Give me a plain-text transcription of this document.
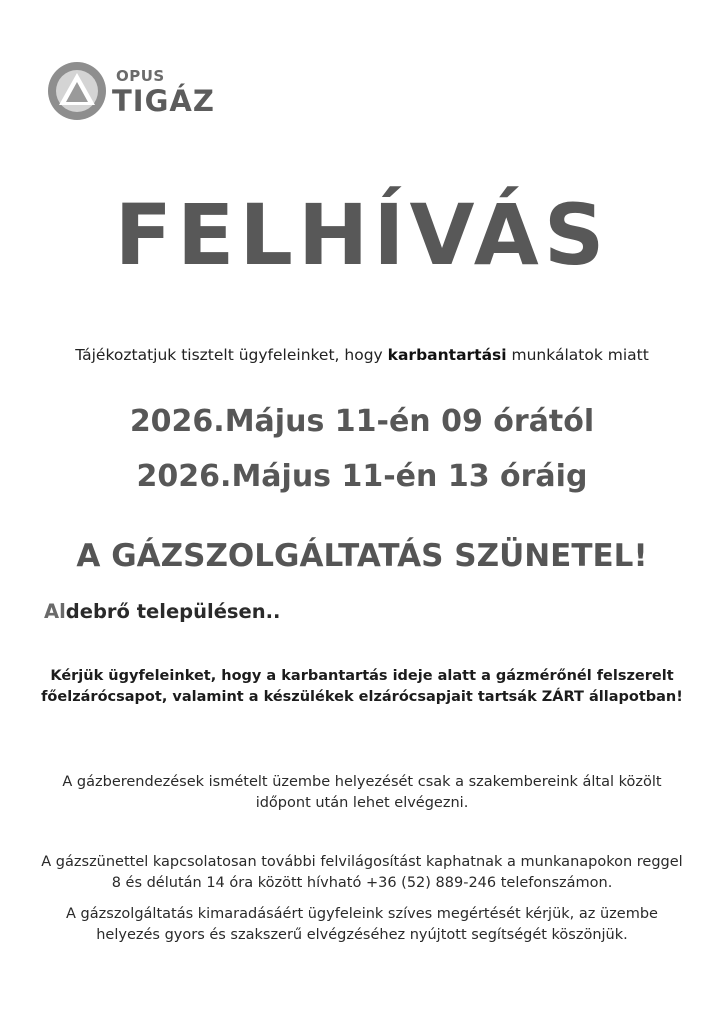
OPUS
TIGÁZ
FELHÍVÁS
Tájékoztatjuk tisztelt ügyfeleinket, hogy karbantartási munkálatok miatt
2026.Május 11-én 09 órától
2026.Május 11-én 13 óráig
A GÁZSZOLGÁLTATÁS SZÜNETEL!
Aldebrő településen..
Kérjük ügyfeleinket, hogy a karbantartás ideje alatt a gázmérőnél felszerelt főelzárócsapot, valamint a készülékek elzárócsapjait tartsák ZÁRT állapotban!
A gázberendezések ismételt üzembe helyezését csak a szakembereink által közölt időpont után lehet elvégezni.
A gázszünettel kapcsolatosan további felvilágosítást kaphatnak a munkanapokon reggel 8 és délután 14 óra között hívható +36 (52) 889-246 telefonszámon.
A gázszolgáltatás kimaradásáért ügyfeleink szíves megértését kérjük, az üzembe helyezés gyors és szakszerű elvégzéséhez nyújtott segítségét köszönjük.
